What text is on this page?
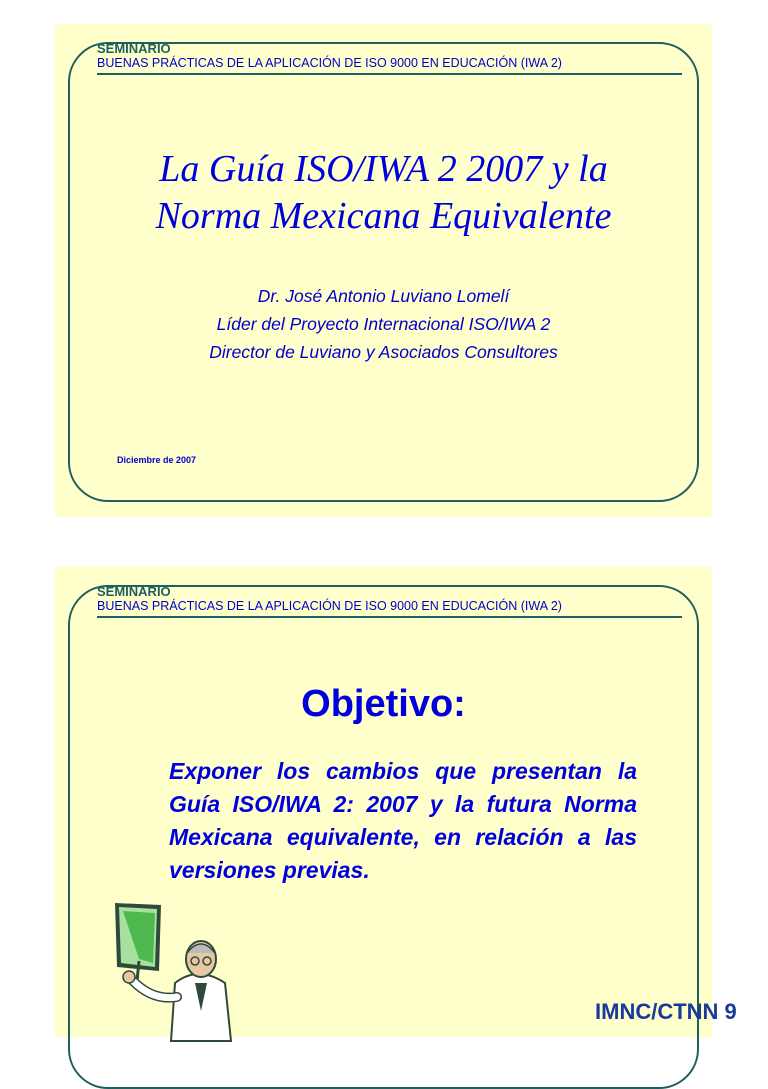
SEMINARIO
BUENAS PRÁCTICAS DE LA APLICACIÓN DE ISO 9000 EN EDUCACIÓN (IWA 2)
La Guía ISO/IWA 2 2007 y la
Norma Mexicana Equivalente
Dr. José Antonio Luviano Lomelí
Líder del Proyecto Internacional ISO/IWA 2
Director de Luviano y Asociados Consultores
Diciembre de 2007
SEMINARIO
BUENAS PRÁCTICAS DE LA APLICACIÓN DE ISO 9000 EN EDUCACIÓN (IWA 2)
Objetivo:
Exponer los cambios que presentan la Guía ISO/IWA 2: 2007 y la futura Norma Mexicana equivalente, en relación a las versiones previas.
IMNC/CTNN 9
